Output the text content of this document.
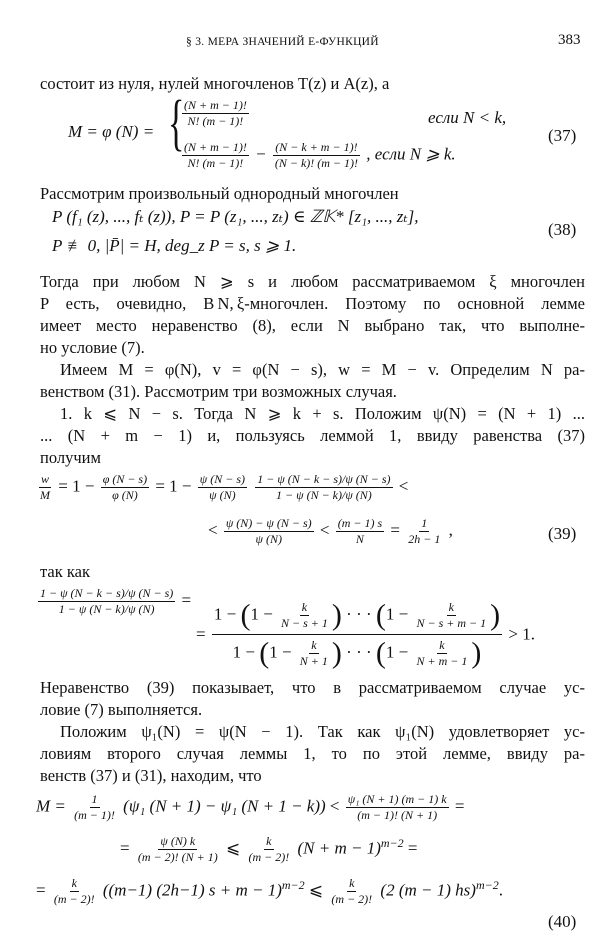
§ 3. МЕРА ЗНАЧЕНИЙ Е-ФУНКЦИЙ	383
состоит из нуля, нулей многочленов T(z) и A(z), а
M = φ (N) = {
$\frac{(N + m - 1)!}{N! (m - 1)!}$	если N < k,
$\frac{(N + m - 1)!}{N! (m - 1)!} - \frac{(N - k + m - 1)!}{(N - k)! (m - 1)!}$ , если N ⩾ k.
(37)
Рассмотрим произвольный однородный многочлен
P (f₁ (z), ..., fₜ (z)), P = P (z₁, ..., zₜ) ∈ ℤ𝕂* [z₁, ..., zₜ],
P ≢ 0, |P̄| = H, deg_z P = s, s ⩾ 1.
(38)
Тогда при любом N ⩾ s и любом рассматриваемом ξ многочлен
P есть, очевидно, B N, ξ-многочлен. Поэтому по основной лемме
имеет место неравенство (8), если N выбрано так, что выполне-
но условие (7).
Имеем M = φ(N), v = φ(N − s), w = M − v. Определим N ра-
венством (31). Рассмотрим три возможных случая.
1. k ⩽ N − s. Тогда N ⩾ k + s. Положим ψ(N) = (N + 1) ...
... (N + m − 1) и, пользуясь леммой 1, ввиду равенства (37)
получим
$\frac{w}{M} = 1 - \frac{\varphi (N - s)}{\varphi (N)} = 1 - \frac{\psi (N - s)}{\psi (N)}$
$\frac{1 - \psi (N - k - s)/\psi (N - s)}{1 - \psi (N - k)/\psi (N)}$ <
< $\frac{\psi (N) - \psi (N - s)}{\psi (N)} < \frac{(m - 1) s}{N} = \frac{1}{2h - 1}$ ,	(39)
так как
$\frac{1 - \psi (N - k - s)/\psi (N - s)}{1 - \psi (N - k)/\psi (N)}$ =
=
$1 - (1 - \frac{k}{N - s + 1}$ ) · · · ($1 - \frac{k}{N - s + m - 1}$ )
$1 - (1 - \frac{k}{N + 1}$ ) · · · ($1 - \frac{k}{N + m - 1}$ )
> 1.
Неравенство (39) показывает, что в рассматриваемом случае ус-
ловие (7) выполняется.
Положим ψ₁(N) = ψ(N − 1). Так как ψ₁(N) удовлетворяет ус-
ловиям второго случая леммы 1, то по этой лемме, ввиду ра-
венств (37) и (31), находим, что
$M = \frac{1}{(m - 1)!} (\psi_1$ (N + 1) − ψ₁ $(N + 1 - k)) < \frac{\text{ψ₁ (N + 1) (m − 1) k}}{(m - 1)! (N + 1)}$ =
= $\frac{\psi (N) k}{(m - 2)! (N + 1)}$ ⩽ $\frac{k}{(m - 2)!} (N + m - 1)^{m-2}$ =
= $\frac{k}{(m - 2)!} ((m-1)$ (2h−1) s + m − 1)$^{m-2}$ ⩽ $\frac{k}{(m - 2)!} (2$ (m − 1) hs)$^{m-2}$.
(40)
